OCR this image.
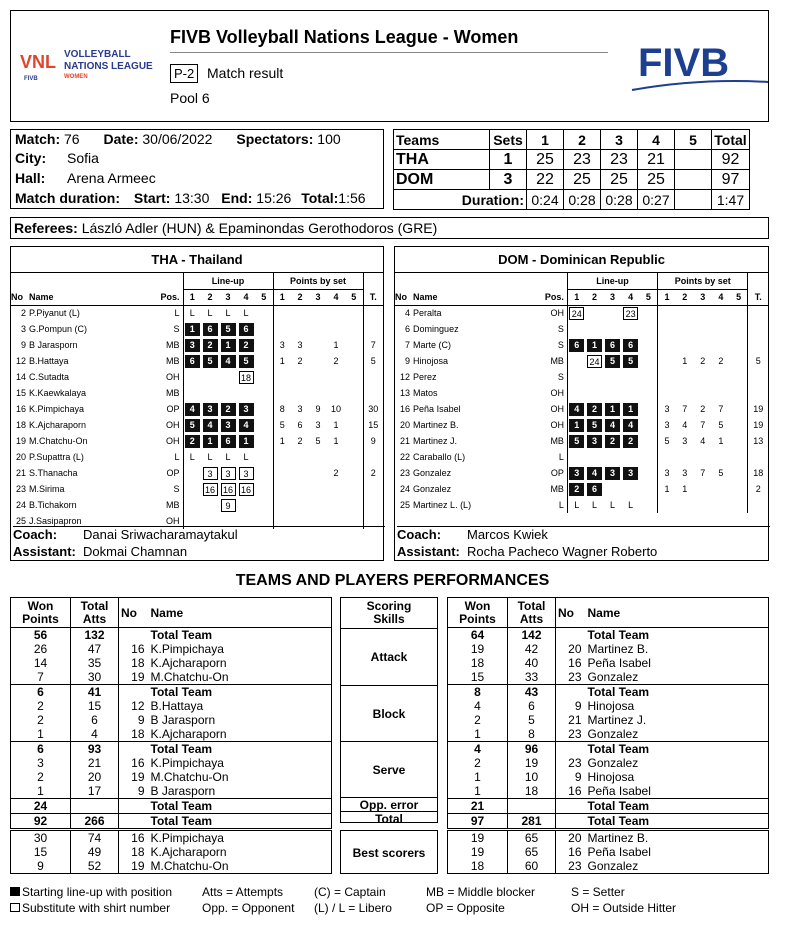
VNL
FIVB
VOLLEYBALL
NATIONS LEAGUE
WOMEN
FIVB Volleyball Nations League - Women
P-2 Match result
Pool 6
FIVB
Match: 76 Date: 30/06/2022 Spectators: 100
City: Sofia
Hall: Arena Armeec
Match duration: Start: 13:30 End: 15:26 Total:1:56
Teams	Sets	1	2	3	4	5	Total
THA	1	25	23	23	21		92
DOM	3	22	25	25	25		97
Duration:		0:24	0:28	0:28	0:27		1:47
Referees: László Adler (HUN) & Epaminondas Gerothodoros (GRE)
THA - Thailand
			Line-up					Points by set					
No	Name	Pos.	1	2	3	4	5	1	2	3	4	5	T.
2	P.Piyanut (L)	L	L	L	L	L							
3	G.Pompun (C)	S	1	6	5	6							
9	B Jarasporn	MB	3	2	1	2		3	3		1		7
12	B.Hattaya	MB	6	5	4	5		1	2		2		5
14	C.Sutadta	OH				18							
15	K.Kaewkalaya	MB											
16	K.Pimpichaya	OP	4	3	2	3		8	3	9	10		30
18	K.Ajcharaporn	OH	5	4	3	4		5	6	3	1		15
19	M.Chatchu-On	OH	2	1	6	1		1	2	5	1		9
20	P.Supattra (L)	L	L	L	L	L							
21	S.Thanacha	OP		3	3	3					2		2
23	M.Sirima	S		16	16	16							
24	B.Tichakorn	MB			9								
25	J.Sasipapron	OH											
Coach: Danai Sriwacharamaytakul
Assistant: Dokmai Chamnan
DOM - Dominican Republic
			Line-up					Points by set					
No	Name	Pos.	1	2	3	4	5	1	2	3	4	5	T.
4	Peralta	OH	24			23							
6	Dominguez	S											
7	Marte (C)	S	6	1	6	6							
9	Hinojosa	MB		24	5	5			1	2	2		5
12	Perez	S											
13	Matos	OH											
16	Peña Isabel	OH	4	2	1	1		3	7	2	7		19
20	Martinez B.	OH	1	5	4	4		3	4	7	5		19
21	Martinez J.	MB	5	3	2	2		5	3	4	1		13
22	Caraballo (L)	L											
23	Gonzalez	OP	3	4	3	3		3	3	7	5		18
24	Gonzalez	MB	2	6				1	1				2
25	Martinez L. (L)	L	L	L	L	L							
Coach: Marcos Kwiek
Assistant: Rocha Pacheco Wagner Roberto
TEAMS AND PLAYERS PERFORMANCES
Won
Points	Total
Atts	No	Name
56	132		Total Team
26	47	16	K.Pimpichaya
14	35	18	K.Ajcharaporn
7	30	19	M.Chatchu-On
6	41		Total Team
2	15	12	B.Hattaya
2	6	9	B Jarasporn
1	4	18	K.Ajcharaporn
6	93		Total Team
3	21	16	K.Pimpichaya
2	20	19	M.Chatchu-On
1	17	9	B Jarasporn
24			Total Team
92	266		Total Team
30	74	16	K.Pimpichaya
15	49	18	K.Ajcharaporn
9	52	19	M.Chatchu-On
Won
Points	Total
Atts	No	Name
64	142		Total Team
19	42	20	Martinez B.
18	40	16	Peña Isabel
15	33	23	Gonzalez
8	43		Total Team
4	6	9	Hinojosa
2	5	21	Martinez J.
1	8	23	Gonzalez
4	96		Total Team
2	19	23	Gonzalez
1	10	9	Hinojosa
1	18	16	Peña Isabel
21			Total Team
97	281		Total Team
19	65	20	Martinez B.
19	65	16	Peña Isabel
18	60	23	Gonzalez
Scoring
Skills
Attack
Block
Serve
Opp. error
Total
Best scorers
Starting line-up with position Atts = Attempts	(C) = Captain	MB = Middle blocker	S = Setter
Substitute with shirt number	Opp. = Opponent (L) / L = Libero	OP = Opposite	OH = Outside Hitter
